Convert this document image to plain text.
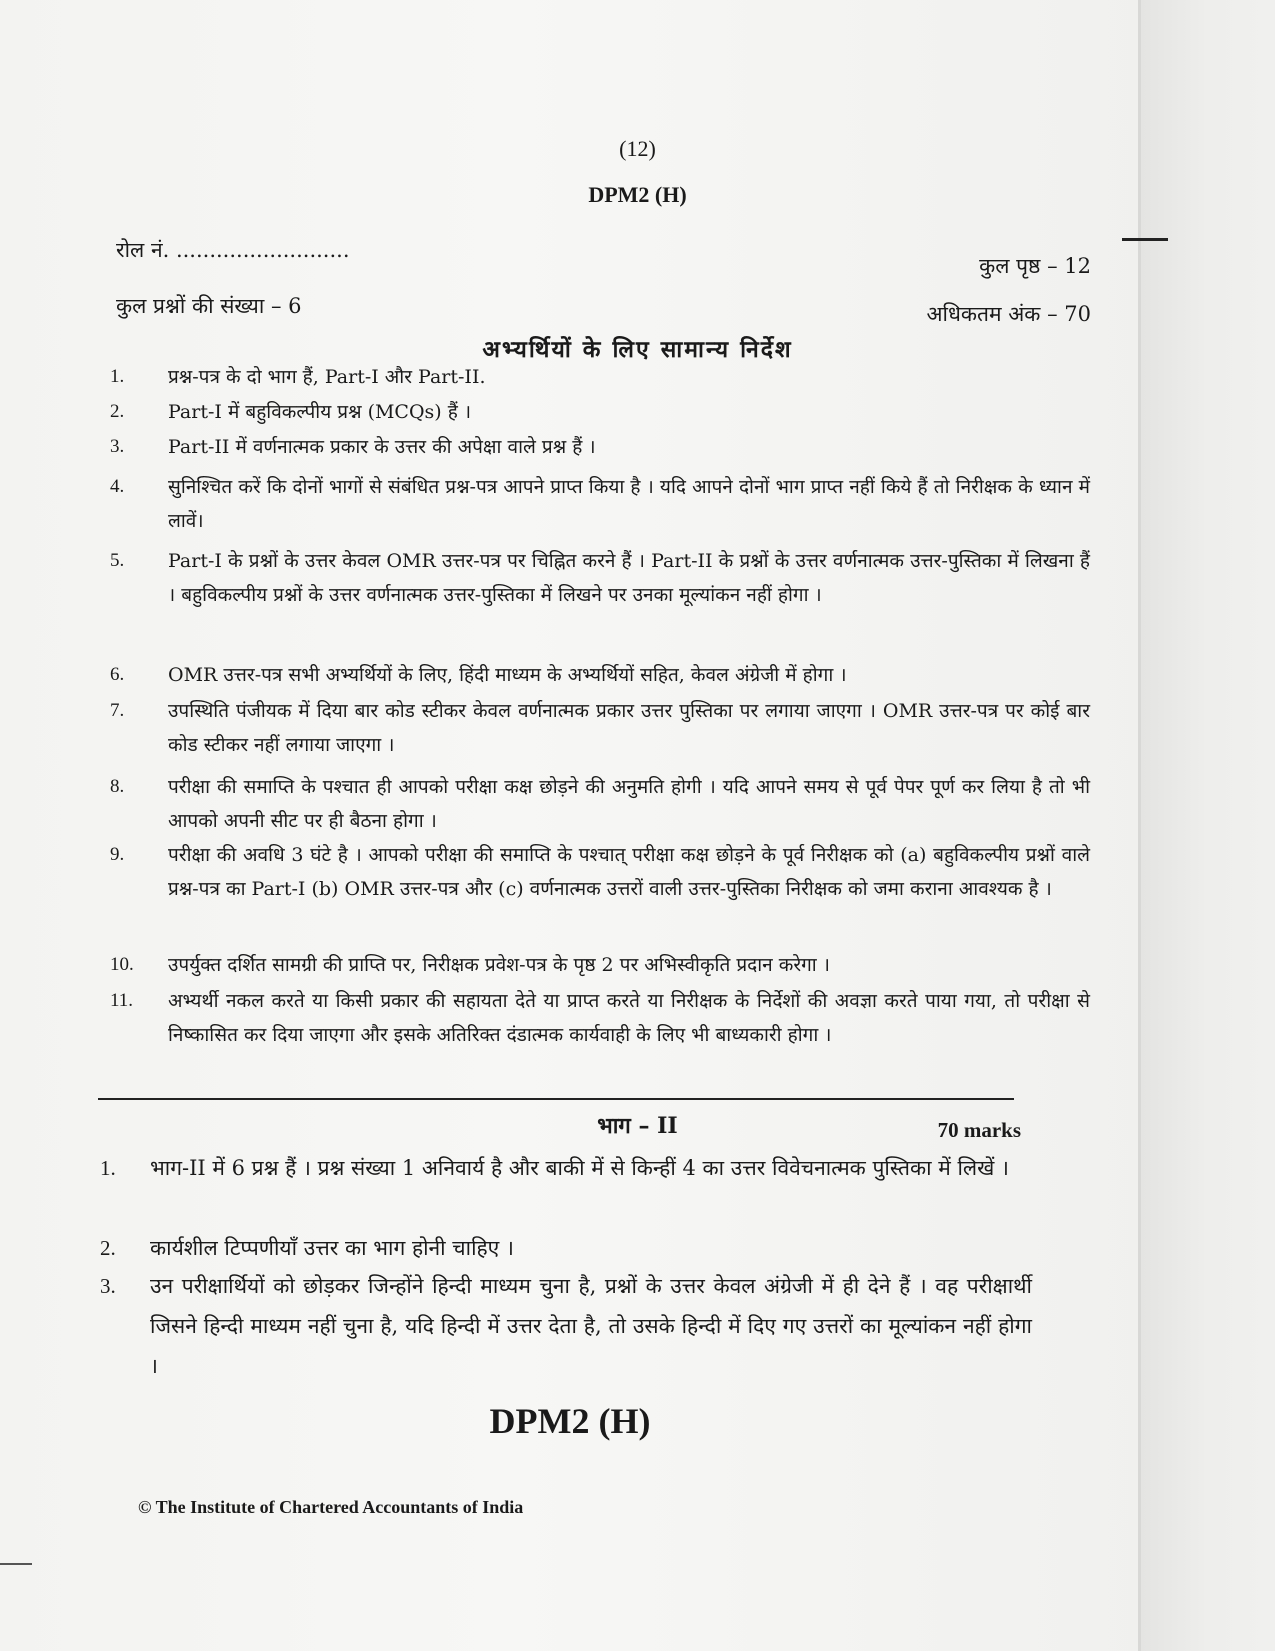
(12)
DPM2 (H)
रोल नं. ..........................
कुल पृष्ठ – 12
कुल प्रश्नों की संख्या – 6	अधिकतम अंक – 70
अभ्यर्थियों के लिए सामान्य निर्देश
1.	प्रश्न-पत्र के दो भाग हैं, Part-I और Part-II.
2.	Part-I में बहुविकल्पीय प्रश्न (MCQs) हैं ।
3.	Part-II में वर्णनात्मक प्रकार के उत्तर की अपेक्षा वाले प्रश्न हैं ।
4.	सुनिश्चित करें कि दोनों भागों से संबंधित प्रश्न-पत्र आपने प्राप्त किया है । यदि आपने दोनों भाग प्राप्त नहीं किये हैं तो निरीक्षक के ध्यान में लावें।
5.	Part-I के प्रश्नों के उत्तर केवल OMR उत्तर-पत्र पर चिह्नित करने हैं । Part-II के प्रश्नों के उत्तर वर्णनात्मक उत्तर-पुस्तिका में लिखना हैं । बहुविकल्पीय प्रश्नों के उत्तर वर्णनात्मक उत्तर-पुस्तिका में लिखने पर उनका मूल्यांकन नहीं होगा ।
6.	OMR उत्तर-पत्र सभी अभ्यर्थियों के लिए, हिंदी माध्यम के अभ्यर्थियों सहित, केवल अंग्रेजी में होगा ।
7.	उपस्थिति पंजीयक में दिया बार कोड स्टीकर केवल वर्णनात्मक प्रकार उत्तर पुस्तिका पर लगाया जाएगा । OMR उत्तर-पत्र पर कोई बार कोड स्टीकर नहीं लगाया जाएगा ।
8.	परीक्षा की समाप्ति के पश्चात ही आपको परीक्षा कक्ष छोड़ने की अनुमति होगी । यदि आपने समय से पूर्व पेपर पूर्ण कर लिया है तो भी आपको अपनी सीट पर ही बैठना होगा ।
9.	परीक्षा की अवधि 3 घंटे है । आपको परीक्षा की समाप्ति के पश्चात् परीक्षा कक्ष छोड़ने के पूर्व निरीक्षक को (a) बहुविकल्पीय प्रश्नों वाले प्रश्न-पत्र का Part-I (b) OMR उत्तर-पत्र और (c) वर्णनात्मक उत्तरों वाली उत्तर-पुस्तिका निरीक्षक को जमा कराना आवश्यक है ।
10.	उपर्युक्त दर्शित सामग्री की प्राप्ति पर, निरीक्षक प्रवेश-पत्र के पृष्ठ 2 पर अभिस्वीकृति प्रदान करेगा ।
11.	अभ्यर्थी नकल करते या किसी प्रकार की सहायता देते या प्राप्त करते या निरीक्षक के निर्देशों की अवज्ञा करते पाया गया, तो परीक्षा से निष्कासित कर दिया जाएगा और इसके अतिरिक्त दंडात्मक कार्यवाही के लिए भी बाध्यकारी होगा ।
भाग – II	70 marks
1.	भाग-II में 6 प्रश्न हैं । प्रश्न संख्या 1 अनिवार्य है और बाकी में से किन्हीं 4 का उत्तर विवेचनात्मक पुस्तिका में लिखें ।
2.	कार्यशील टिप्पणीयाँ उत्तर का भाग होनी चाहिए ।
3.	उन परीक्षार्थियों को छोड़कर जिन्होंने हिन्दी माध्यम चुना है, प्रश्नों के उत्तर केवल अंग्रेजी में ही देने हैं । वह परीक्षार्थी जिसने हिन्दी माध्यम नहीं चुना है, यदि हिन्दी में उत्तर देता है, तो उसके हिन्दी में दिए गए उत्तरों का मूल्यांकन नहीं होगा ।
DPM2 (H)
© The Institute of Chartered Accountants of India
